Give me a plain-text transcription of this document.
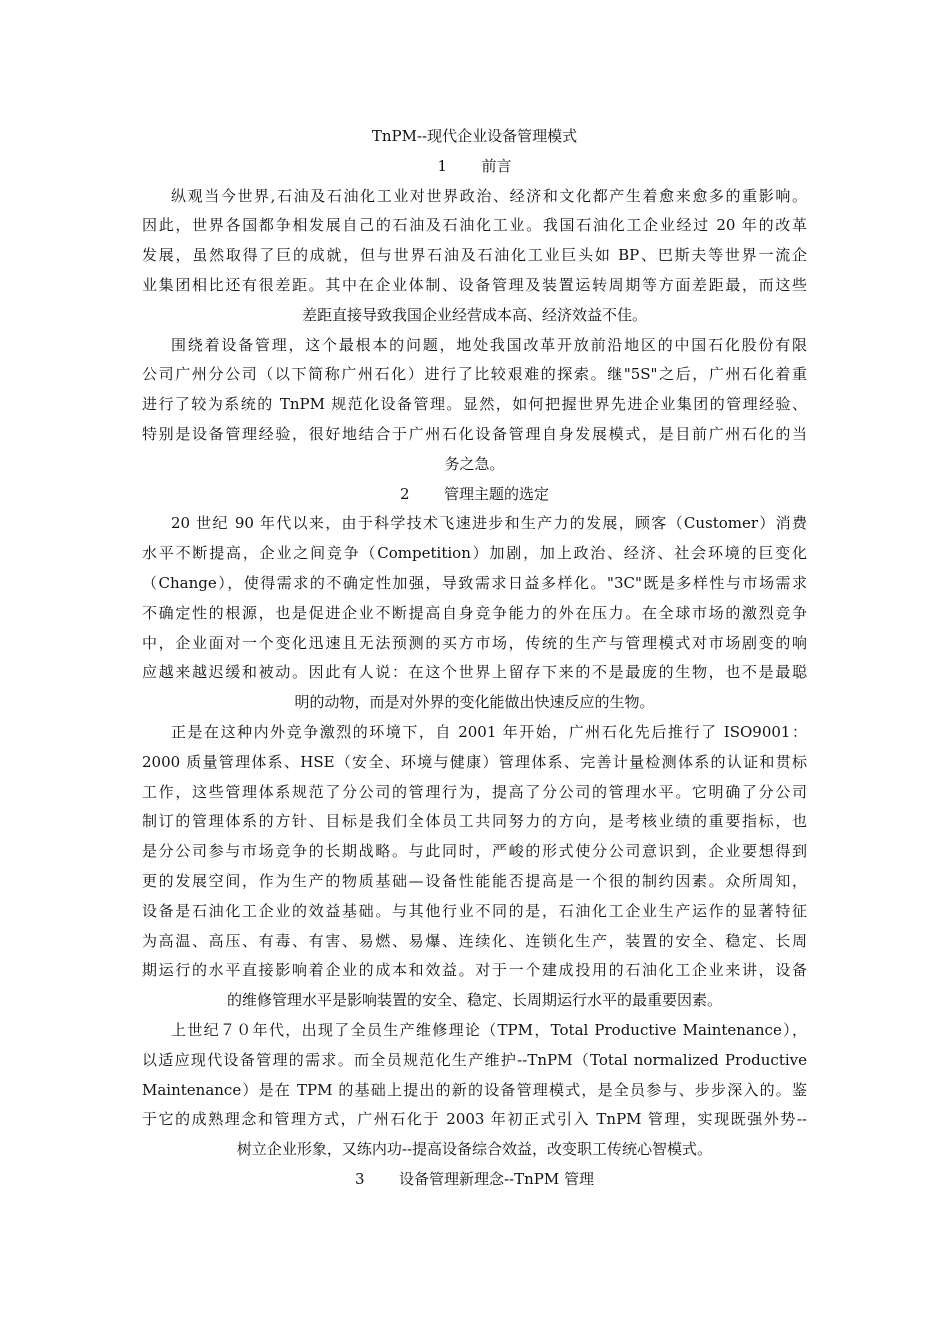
TnPM--现代企业设备管理模式
1 前言
纵观当今世界,石油及石油化工业对世界政治、经济和文化都产生着愈来愈多的重影响。
因此，世界各国都争相发展自己的石油及石油化工业。我国石油化工企业经过 20 年的改革
发展，虽然取得了巨的成就，但与世界石油及石油化工业巨头如 BP、巴斯夫等世界一流企
业集团相比还有很差距。其中在企业体制、设备管理及装置运转周期等方面差距最，而这些
差距直接导致我国企业经营成本高、经济效益不佳。
围绕着设备管理，这个最根本的问题，地处我国改革开放前沿地区的中国石化股份有限
公司广州分公司（以下简称广州石化）进行了比较艰难的探索。继"5S"之后，广州石化着重
进行了较为系统的 TnPM 规范化设备管理。显然，如何把握世界先进企业集团的管理经验、
特别是设备管理经验，很好地结合于广州石化设备管理自身发展模式，是目前广州石化的当
务之急。
2 管理主题的选定
20 世纪 90 年代以来，由于科学技术飞速进步和生产力的发展，顾客（Customer）消费
水平不断提高，企业之间竞争（Competition）加剧，加上政治、经济、社会环境的巨变化
（Change），使得需求的不确定性加强，导致需求日益多样化。"3C"既是多样性与市场需求
不确定性的根源，也是促进企业不断提高自身竞争能力的外在压力。在全球市场的激烈竞争
中，企业面对一个变化迅速且无法预测的买方市场，传统的生产与管理模式对市场剧变的响
应越来越迟缓和被动。因此有人说：在这个世界上留存下来的不是最庞的生物，也不是最聪
明的动物，而是对外界的变化能做出快速反应的生物。
正是在这种内外竞争激烈的环境下，自 2001 年开始，广州石化先后推行了 ISO9001：
2000 质量管理体系、HSE（安全、环境与健康）管理体系、完善计量检测体系的认证和贯标
工作，这些管理体系规范了分公司的管理行为，提高了分公司的管理水平。它明确了分公司
制订的管理体系的方针、目标是我们全体员工共同努力的方向，是考核业绩的重要指标，也
是分公司参与市场竞争的长期战略。与此同时，严峻的形式使分公司意识到，企业要想得到
更的发展空间，作为生产的物质基础—设备性能能否提高是一个很的制约因素。众所周知，
设备是石油化工企业的效益基础。与其他行业不同的是，石油化工企业生产运作的显著特征
为高温、高压、有毒、有害、易燃、易爆、连续化、连锁化生产，装置的安全、稳定、长周
期运行的水平直接影响着企业的成本和效益。对于一个建成投用的石油化工企业来讲，设备
的维修管理水平是影响装置的安全、稳定、长周期运行水平的最重要因素。
上世纪７０年代，出现了全员生产维修理论（TPM，Total Productive Maintenance），
以适应现代设备管理的需求。而全员规范化生产维护--TnPM（Total normalized Productive
Maintenance）是在 TPM 的基础上提出的新的设备管理模式，是全员参与、步步深入的。鉴
于它的成熟理念和管理方式，广州石化于 2003 年初正式引入 TnPM 管理，实现既强外势--
树立企业形象，又练内功--提高设备综合效益，改变职工传统心智模式。
3 设备管理新理念--TnPM 管理
